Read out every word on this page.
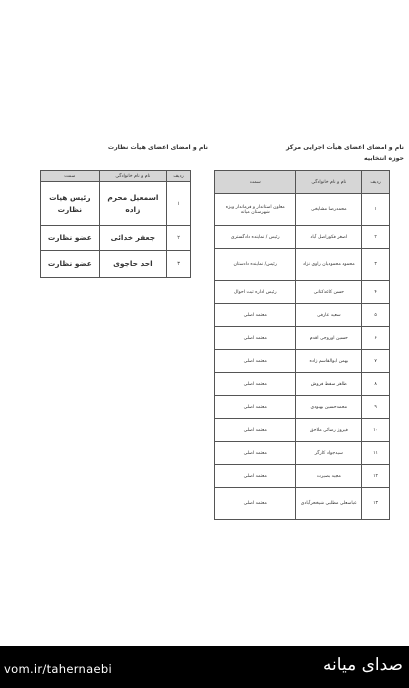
نام و امضای اعضای هیأت اجرایی مرکز
حوزه انتخابیه
ردیف	نام و نام خانوادگی	سمت
۱	محمدرضا مشایخی	معاون استاندار و فرماندار ویژه شهرستان میانه
۲	اصغر فکوراصل آباد	رئیس / نماینده دادگستری
۳	محمود محمودیان راوی نژاد	رئیس/ نماینده دادستان
۴	حسن کاغذکنانی	رئیس اداره ثبت احوال
۵	سعید عارفی	معتمد اصلی
۶	حسین اوروجی اقدم	معتمد اصلی
۷	بهمن ابوالقاسم زاده	معتمد اصلی
۸	طاهر سفط فروش	معتمد اصلی
۹	محمدحسین بهبودی	معتمد اصلی
۱۰	فیروز رضائی ملاحق	معتمد اصلی
۱۱	سیدجواد کارگر	معتمد اصلی
۱۲	مجید بصیرت	معتمد اصلی
۱۳	عباسعلی مطلبی شیخحرآبادی	معتمد اصلی
نام و امضای اعضای هیأت نظارت
ردیف	نام و نام خانوادگی	سمت
۱	اسمعیل محرم زاده	رئیس هیات نظارت
۲	جعفر خدائی	عضو نظارت
۳	احد حاجوی	عضو نظارت
vom.ir/tahernaebi	صدای میانه
